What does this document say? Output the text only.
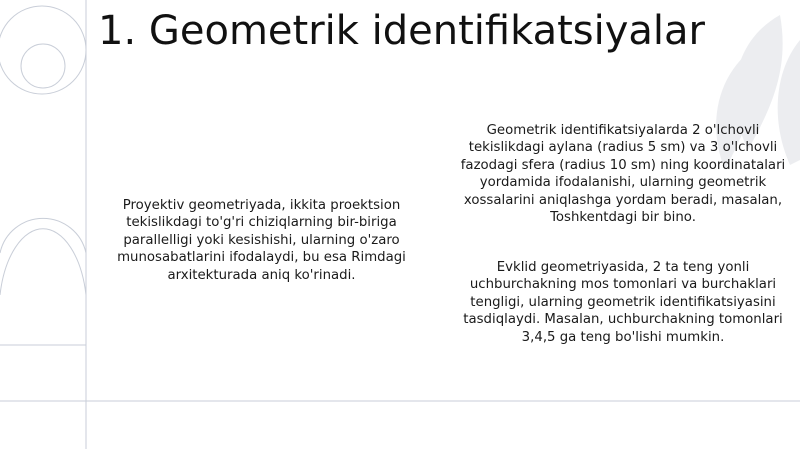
1. Geometrik identifikatsiyalar

Proyektiv geometriyada, ikkita proektsion tekislikdagi to'g'ri chiziqlarning bir-biriga parallelligi yoki kesishishi, ularning o'zaro munosabatlarini ifodalaydi, bu esa Rimdagi arxitekturada aniq ko'rinadi.

Geometrik identifikatsiyalarda 2 o'lchovli tekislikdagi aylana (radius 5 sm) va 3 o'lchovli fazodagi sfera (radius 10 sm) ning koordinatalari yordamida ifodalanishi, ularning geometrik xossalarini aniqlashga yordam beradi, masalan, Toshkentdagi bir bino.

Evklid geometriyasida, 2 ta teng yonli uchburchakning mos tomonlari va burchaklari tengligi, ularning geometrik identifikatsiyasini tasdiqlaydi. Masalan, uchburchakning tomonlari 3,4,5 ga teng bo'lishi mumkin.
